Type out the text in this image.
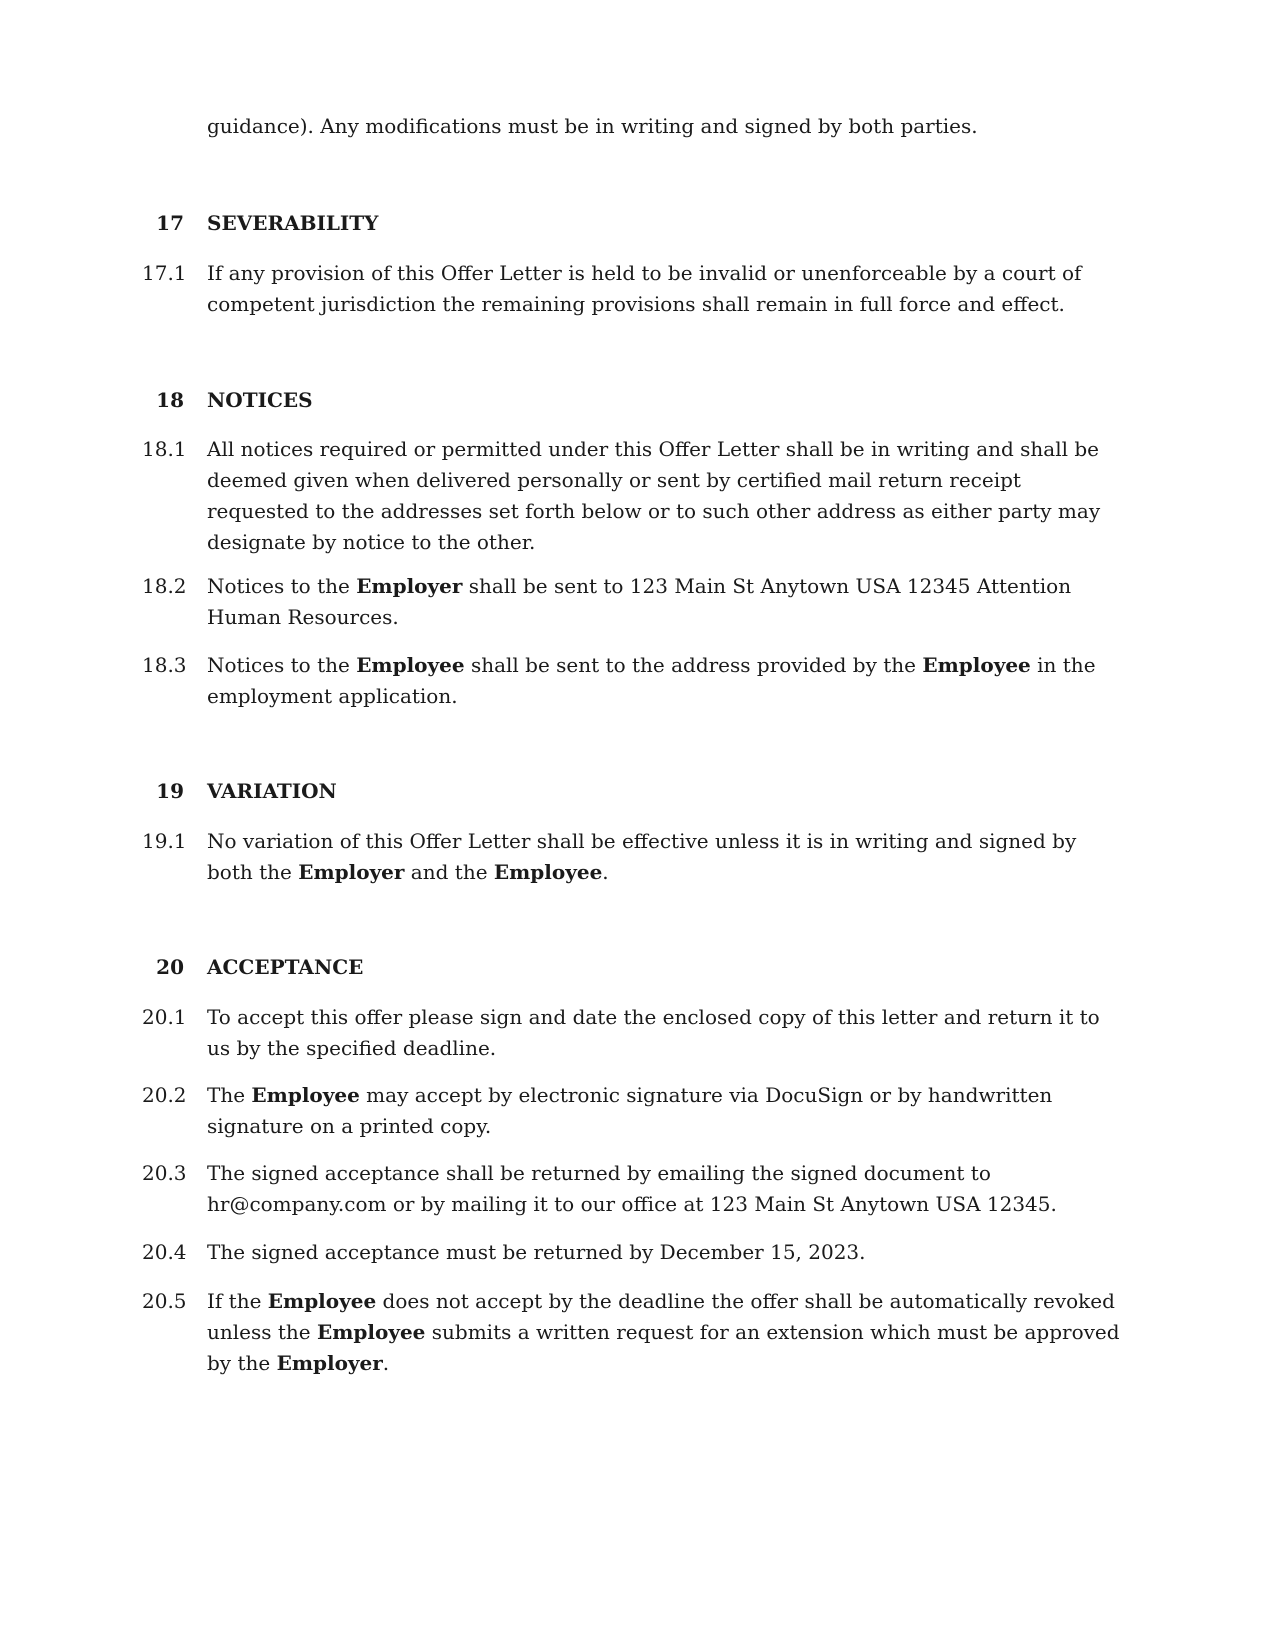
guidance). Any modifications must be in writing and signed by both parties.

17 SEVERABILITY
17.1 If any provision of this Offer Letter is held to be invalid or unenforceable by a court of competent jurisdiction the remaining provisions shall remain in full force and effect.
18 NOTICES
18.1 All notices required or permitted under this Offer Letter shall be in writing and shall be deemed given when delivered personally or sent by certified mail return receipt requested to the addresses set forth below or to such other address as either party may designate by notice to the other.
18.2 Notices to the Employer shall be sent to 123 Main St Anytown USA 12345 Attention Human Resources.
18.3 Notices to the Employee shall be sent to the address provided by the Employee in the employment application.
19 VARIATION
19.1 No variation of this Offer Letter shall be effective unless it is in writing and signed by both the Employer and the Employee.
20 ACCEPTANCE
20.1 To accept this offer please sign and date the enclosed copy of this letter and return it to us by the specified deadline.
20.2 The Employee may accept by electronic signature via DocuSign or by handwritten signature on a printed copy.
20.3 The signed acceptance shall be returned by emailing the signed document to hr@company.com or by mailing it to our office at 123 Main St Anytown USA 12345.
20.4 The signed acceptance must be returned by December 15, 2023.
20.5 If the Employee does not accept by the deadline the offer shall be automatically revoked unless the Employee submits a written request for an extension which must be approved by the Employer.
